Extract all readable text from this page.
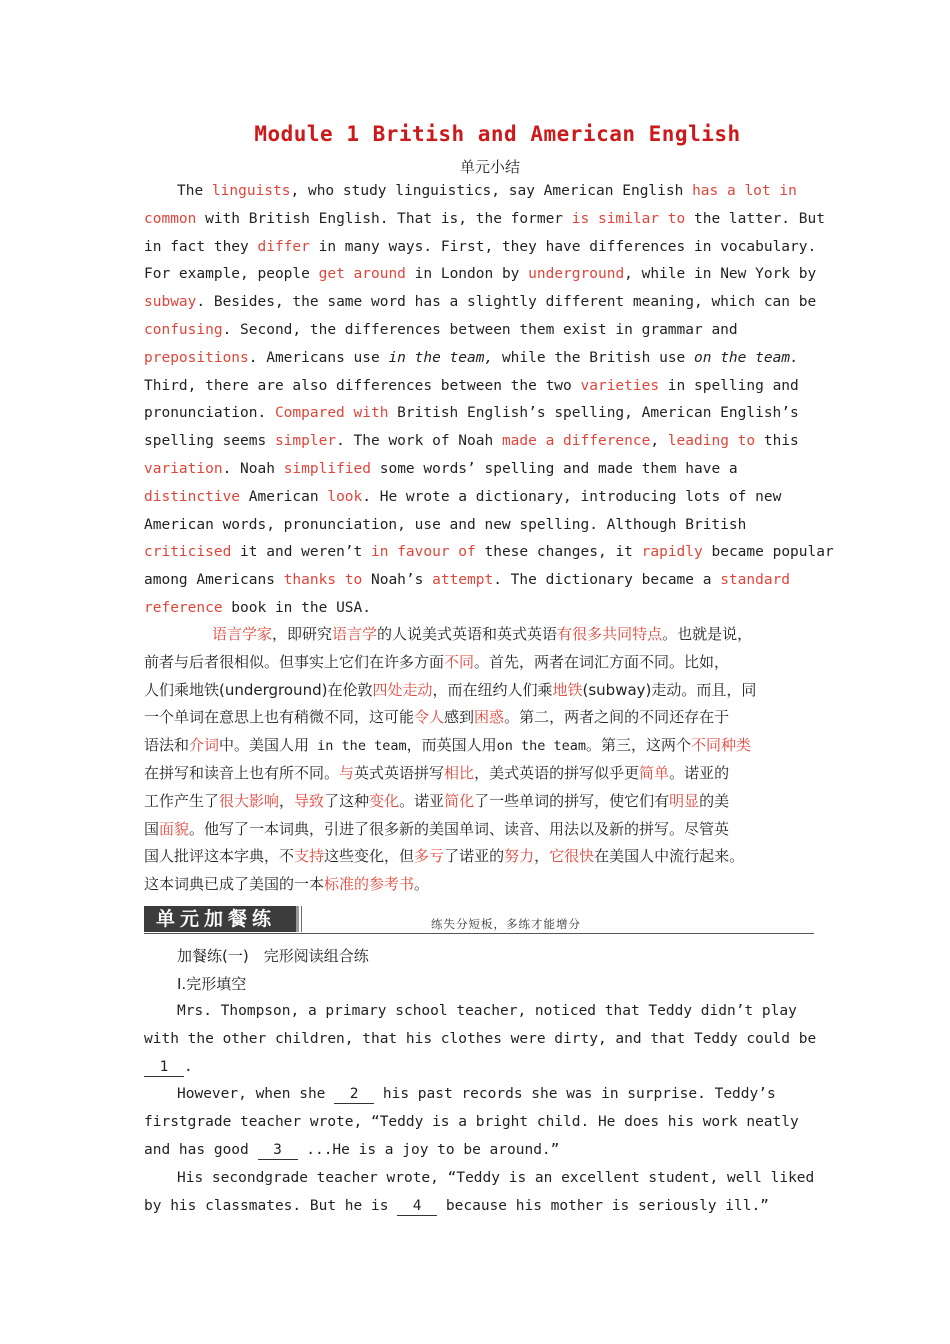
Module 1 British and American English
单元小结

The linguists, who study linguistics, say American English has a lot in

common with British English. That is, the former is similar to the latter. But

in fact they differ in many ways. First, they have differences in vocabulary.

For example, people get around in London by underground, while in New York by

subway. Besides, the same word has a slightly different meaning, which can be

confusing. Second, the differences between them exist in grammar and

prepositions. Americans use in the team, while the British use on the team.

Third, there are also differences between the two varieties in spelling and

pronunciation. Compared with British English’s spelling, American English’s

spelling seems simpler. The work of Noah made a difference, leading to this

variation. Noah simplified some words’ spelling and made them have a

distinctive American look. He wrote a dictionary, introducing lots of new

American words, pronunciation, use and new spelling. Although British

criticised it and weren’t in favour of these changes, it rapidly became popular

among Americans thanks to Noah’s attempt. The dictionary became a standard

reference book in the USA.

语言学家，即研究语言学的人说美式英语和英式英语有很多共同特点。也就是说，

前者与后者很相似。但事实上它们在许多方面不同。首先，两者在词汇方面不同。比如，

人们乘地铁(underground)在伦敦四处走动，而在纽约人们乘地铁(subway)走动。而且，同

一个单词在意思上也有稍微不同，这可能令人感到困惑。第二，两者之间的不同还存在于

语法和介词中。美国人用 in the team，而英国人用on the team。第三，这两个不同种类

在拼写和读音上也有所不同。与英式英语拼写相比，美式英语的拼写似乎更简单。诺亚的

工作产生了很大影响，导致了这种变化。诺亚简化了一些单词的拼写，使它们有明显的美

国面貌。他写了一本词典，引进了很多新的美国单词、读音、用法以及新的拼写。尽管英

国人批评这本字典，不支持这些变化，但多亏了诺亚的努力，它很快在美国人中流行起来。

这本词典已成了美国的一本标准的参考书。

单元加餐练	练失分短板，多练才能增分
加餐练(一)　完形阅读组合练
Ⅰ.完形填空

Mrs. Thompson, a primary school teacher, noticed that Teddy didn’t play

with the other children, that his clothes were dirty, and that Teddy could be

1 .

However, when she 2 his past records she was in surprise. Teddy’s

firstgrade teacher wrote, “Teddy is a bright child. He does his work neatly

and has good 3 ...He is a joy to be around.”

His secondgrade teacher wrote, “Teddy is an excellent student, well liked

by his classmates. But he is 4 because his mother is seriously ill.”
